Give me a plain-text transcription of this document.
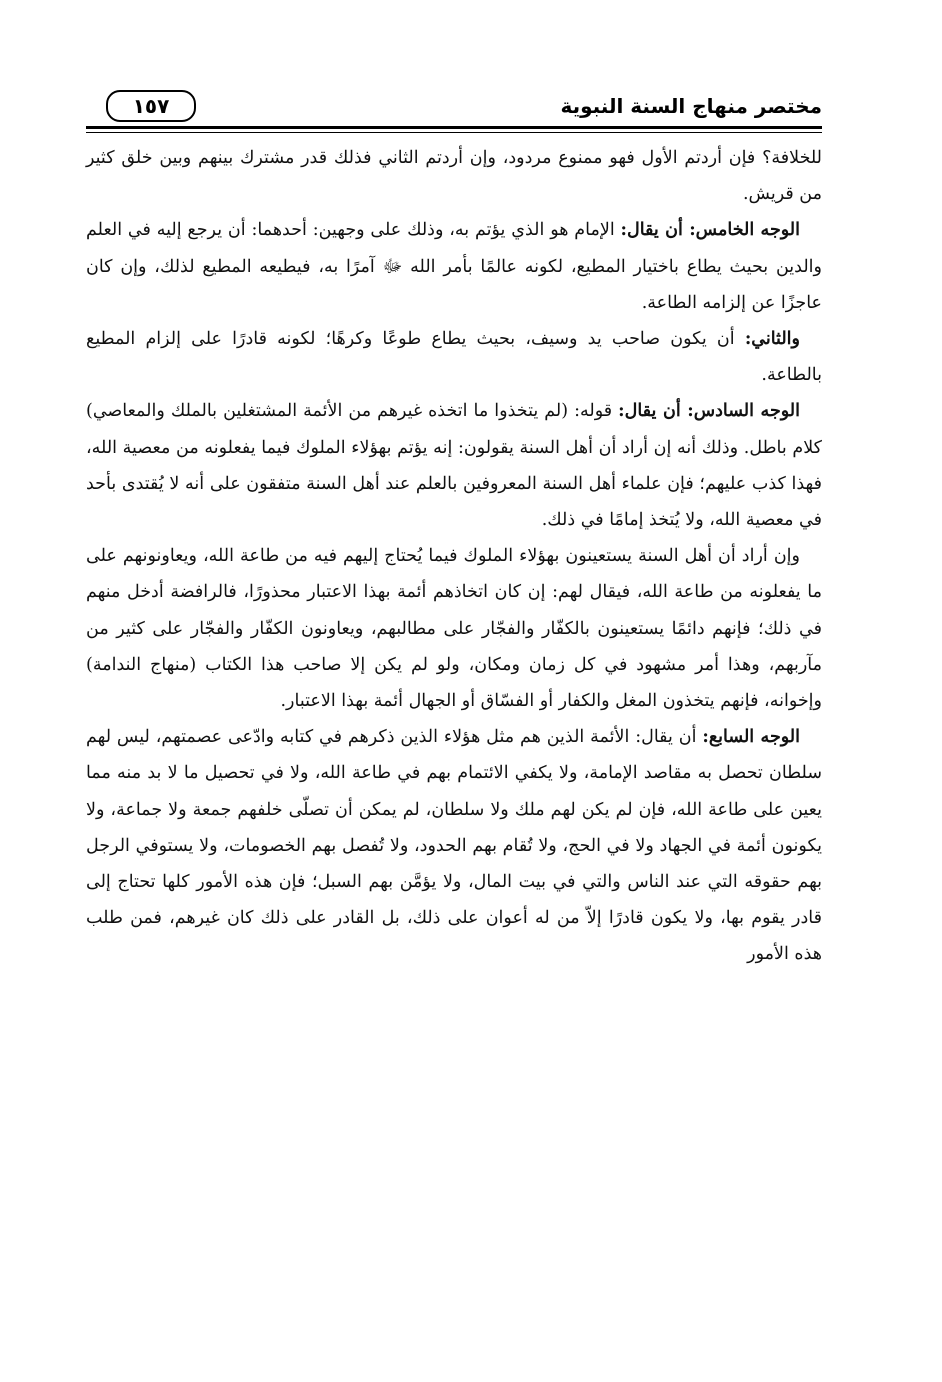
مختصر منهاج السنة النبوية
١٥٧

للخلافة؟ فإن أردتم الأول فهو ممنوع مردود، وإن أردتم الثاني فذلك قدر مشترك بينهم وبين خلق كثير من قريش.

الوجه الخامس: أن يقال: الإمام هو الذي يؤتم به، وذلك على وجهين: أحدهما: أن يرجع إليه في العلم والدين بحيث يطاع باختيار المطيع، لكونه عالمًا بأمر الله ﷻ آمرًا به، فيطيعه المطيع لذلك، وإن كان عاجزًا عن إلزامه الطاعة.

والثاني: أن يكون صاحب يد وسيف، بحيث يطاع طوعًا وكرهًا؛ لكونه قادرًا على إلزام المطيع بالطاعة.

الوجه السادس: أن يقال: قوله: (لم يتخذوا ما اتخذه غيرهم من الأئمة المشتغلين بالملك والمعاصي) كلام باطل. وذلك أنه إن أراد أن أهل السنة يقولون: إنه يؤتم بهؤلاء الملوك فيما يفعلونه من معصية الله، فهذا كذب عليهم؛ فإن علماء أهل السنة المعروفين بالعلم عند أهل السنة متفقون على أنه لا يُقتدى بأحد في معصية الله، ولا يُتخذ إمامًا في ذلك.

وإن أراد أن أهل السنة يستعينون بهؤلاء الملوك فيما يُحتاج إليهم فيه من طاعة الله، ويعاونونهم على ما يفعلونه من طاعة الله، فيقال لهم: إن كان اتخاذهم أئمة بهذا الاعتبار محذورًا، فالرافضة أدخل منهم في ذلك؛ فإنهم دائمًا يستعينون بالكفّار والفجّار على مطالبهم، ويعاونون الكفّار والفجّار على كثير من مآربهم، وهذا أمر مشهود في كل زمان ومكان، ولو لم يكن إلا صاحب هذا الكتاب (منهاج الندامة) وإخوانه، فإنهم يتخذون المغل والكفار أو الفسّاق أو الجهال أئمة بهذا الاعتبار.

الوجه السابع: أن يقال: الأئمة الذين هم مثل هؤلاء الذين ذكرهم في كتابه وادّعى عصمتهم، ليس لهم سلطان تحصل به مقاصد الإمامة، ولا يكفي الائتمام بهم في طاعة الله، ولا في تحصيل ما لا بد منه مما يعين على طاعة الله، فإن لم يكن لهم ملك ولا سلطان، لم يمكن أن تصلّى خلفهم جمعة ولا جماعة، ولا يكونون أئمة في الجهاد ولا في الحج، ولا تُقام بهم الحدود، ولا تُفصل بهم الخصومات، ولا يستوفي الرجل بهم حقوقه التي عند الناس والتي في بيت المال، ولا يؤمَّن بهم السبل؛ فإن هذه الأمور كلها تحتاج إلى قادر يقوم بها، ولا يكون قادرًا إلاّ من له أعوان على ذلك، بل القادر على ذلك كان غيرهم، فمن طلب هذه الأمور
